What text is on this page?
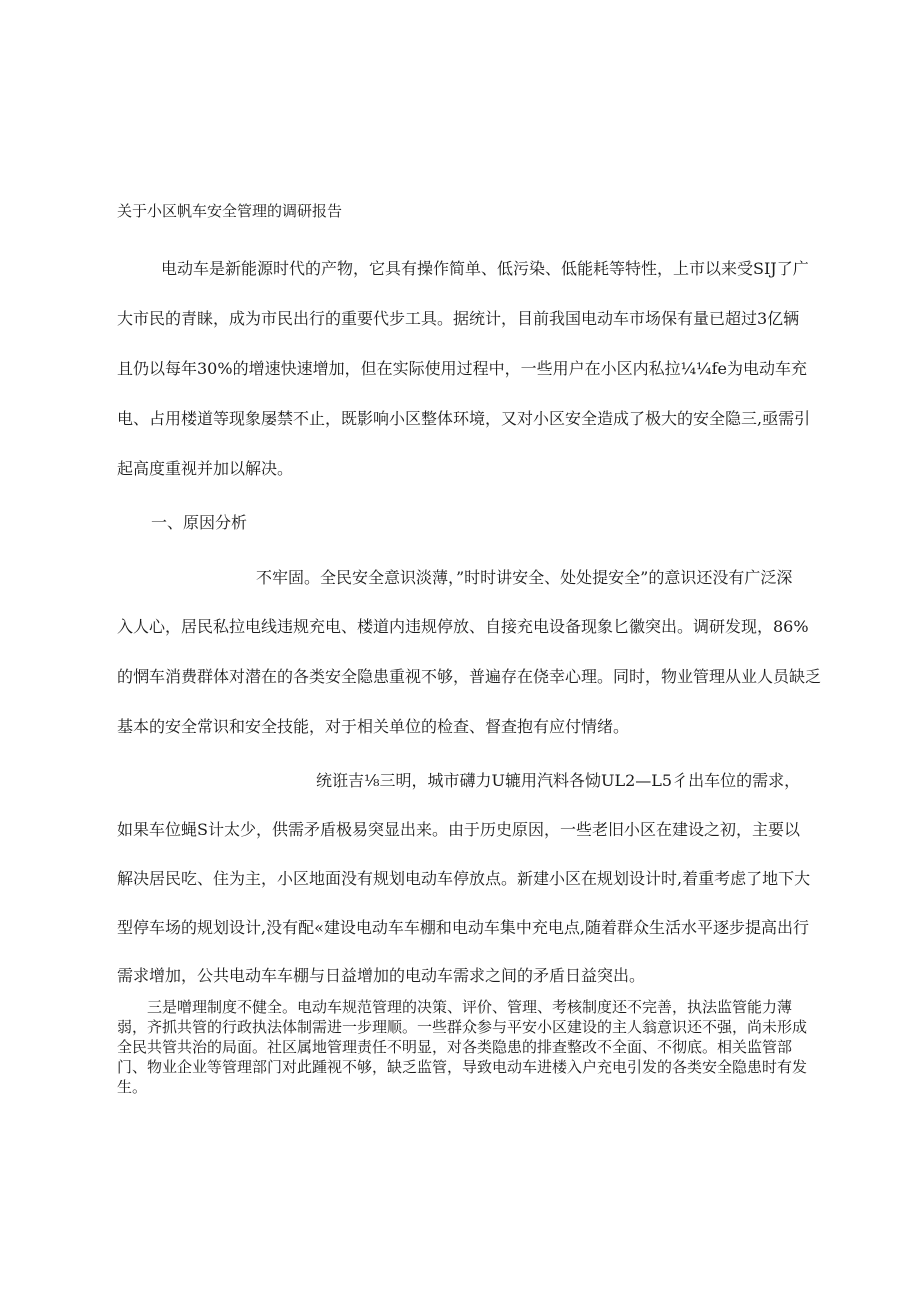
关于小区帆车安全管理的调研报告

电动车是新能源时代的产物，它具有操作简单、低污染、低能耗等特性，上市以来受SIJ了广

大市民的青睐，成为市民出行的重要代步工具。据统计，目前我国电动车市场保有量已超过3亿辆

且仍以每年30%的增速快速增加，但在实际使用过程中，一些用户在小区内私拉¼¼fe为电动车充

电、占用楼道等现象屡禁不止，既影响小区整体环境，又对小区安全造成了极大的安全隐三,亟需引

起高度重视并加以解决。

一、原因分析

不牢固。全民安全意识淡薄，”时时讲安全、处处提安全”的意识还没有广泛深

入人心，居民私拉电线违规充电、楼道内违规停放、自接充电设备现象匕徽突出。调研发现，86%

的惘车消费群体对潜在的各类安全隐患重视不够，普遍存在侥幸心理。同时，物业管理从业人员缺乏

基本的安全常识和安全技能，对于相关单位的检查、督查抱有应付情绪。

统诳吉⅛三明，城市礴力U辘用汽料各恸UL2—L5彳出车位的需求，

如果车位蝇S计太少，供需矛盾极易突显出来。由于历史原因，一些老旧小区在建设之初，主要以

解决居民吃、住为主，小区地面没有规划电动车停放点。新建小区在规划设计时,着重考虑了地下大

型停车场的规划设计,没有配«建设电动车车棚和电动车集中充电点,随着群众生活水平逐步提高出行

需求增加，公共电动车车棚与日益增加的电动车需求之间的矛盾日益突出。

　　三是噌理制度不健全。电动车规范管理的决策、评价、管理、考核制度还不完善，执法监管能力薄弱，齐抓共管的行政执法体制需进一步理顺。一些群众参与平安小区建设的主人翁意识还不强，尚未形成全民共管共治的局面。社区属地管理责任不明显，对各类隐患的排查整改不全面、不彻底。相关监管部门、物业企业等管理部门对此踵视不够，缺乏监管，导致电动车进楼入户充电引发的各类安全隐患时有发生。
